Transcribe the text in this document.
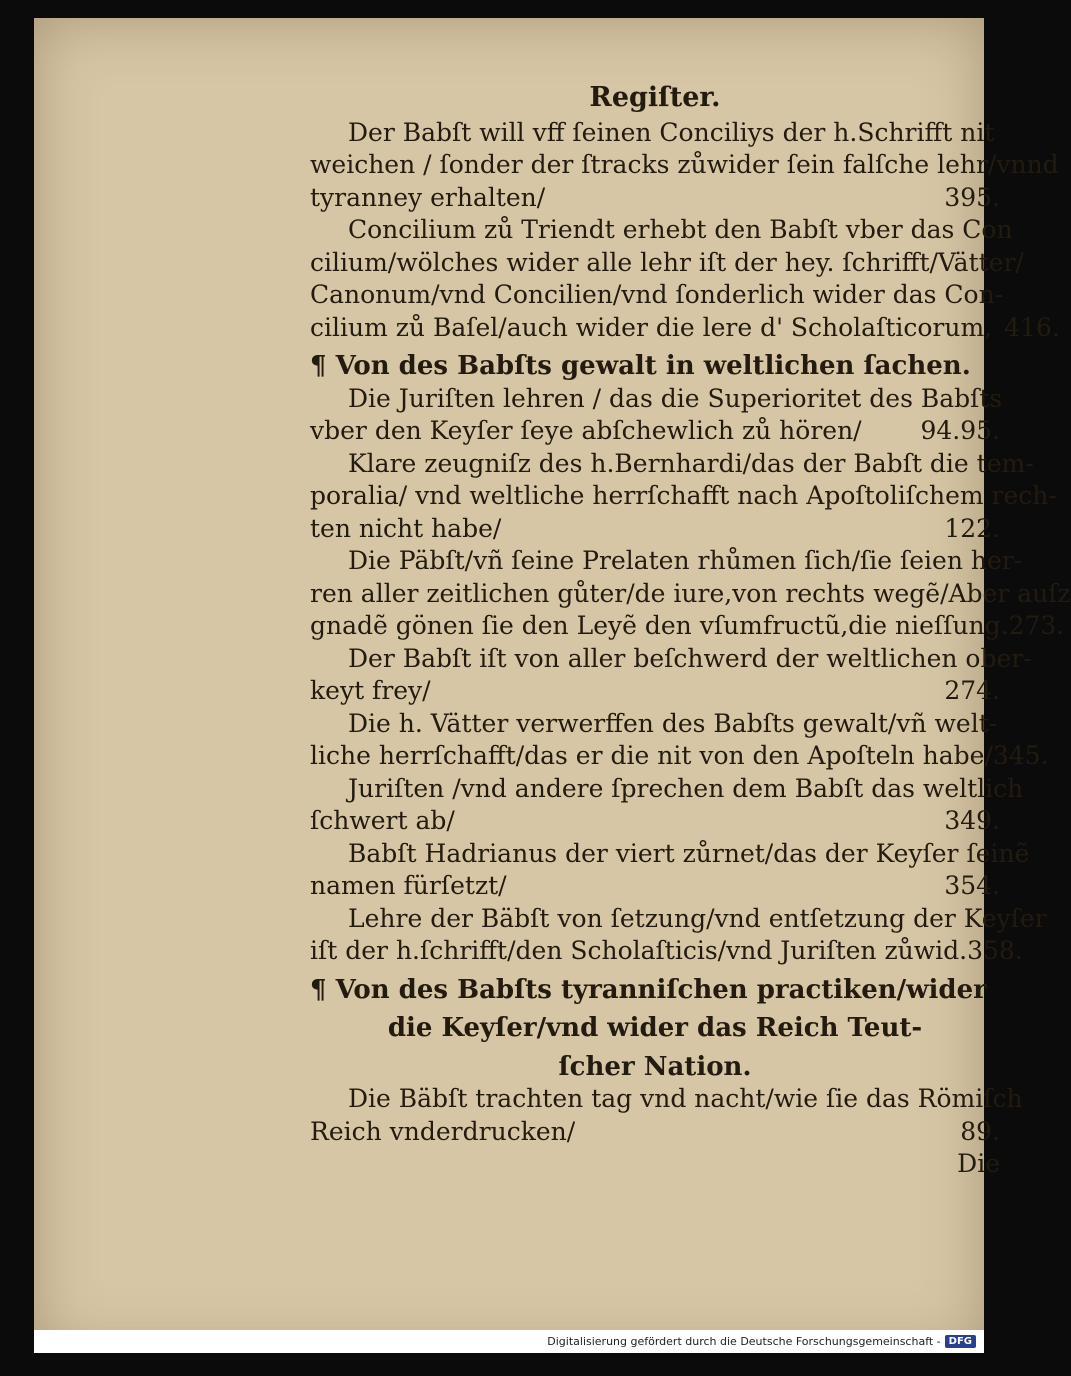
Regiſter.
Der Babſt will vff ſeinen Conciliys der h.Schrifft nit
weichen / ſonder der ſtracks zůwider ſein falſche lehr/vnnd
tyranney erhalten/	395.
Concilium zů Triendt erhebt den Babſt vber das Con
cilium/wölches wider alle lehr iſt der hey. ſchrifft/Vätter/
Canonum/vnd Concilien/vnd ſonderlich wider das Con-
cilium zů Baſel/auch wider die lere d' Scholaſticorum, 416.
¶ Von des Babſts gewalt in weltlichen ſachen.
Die Juriſten lehren / das die Superioritet des Babſts
vber den Keyſer ſeye abſchewlich zů hören/	94.95.
Klare zeugniſz des h.Bernhardi/das der Babſt die tem-
poralia/ vnd weltliche herrſchafft nach Apoſtoliſchem rech-
ten nicht habe/	122.
Die Päbſt/vñ ſeine Prelaten rhůmen ſich/ſie ſeien her-
ren aller zeitlichen gůter/de iure,von rechts wegẽ/Aber auſz
gnadẽ gönen ſie den Leyẽ den vſumfructũ,die nieſſung.273.
Der Babſt iſt von aller beſchwerd der weltlichen ober-
keyt frey/	274.
Die h. Vätter verwerffen des Babſts gewalt/vñ welt-
liche herrſchafft/das er die nit von den Apoſteln habe/345.
Juriſten /vnd andere ſprechen dem Babſt das weltlich
ſchwert ab/	349.
Babſt Hadrianus der viert zůrnet/das der Keyſer ſeinẽ
namen fürſetzt/	354.
Lehre der Bäbſt von ſetzung/vnd entſetzung der Keyſer
iſt der h.ſchrifft/den Scholaſticis/vnd Juriſten zůwid.358.
¶ Von des Babſts tyranniſchen practiken/wider
die Keyſer/vnd wider das Reich Teut-
ſcher Nation.
Die Bäbſt trachten tag vnd nacht/wie ſie das Römiſch
Reich vnderdrucken/	89.
Die
Digitalisierung gefördert durch die Deutsche Forschungsgemeinschaft - DFG
